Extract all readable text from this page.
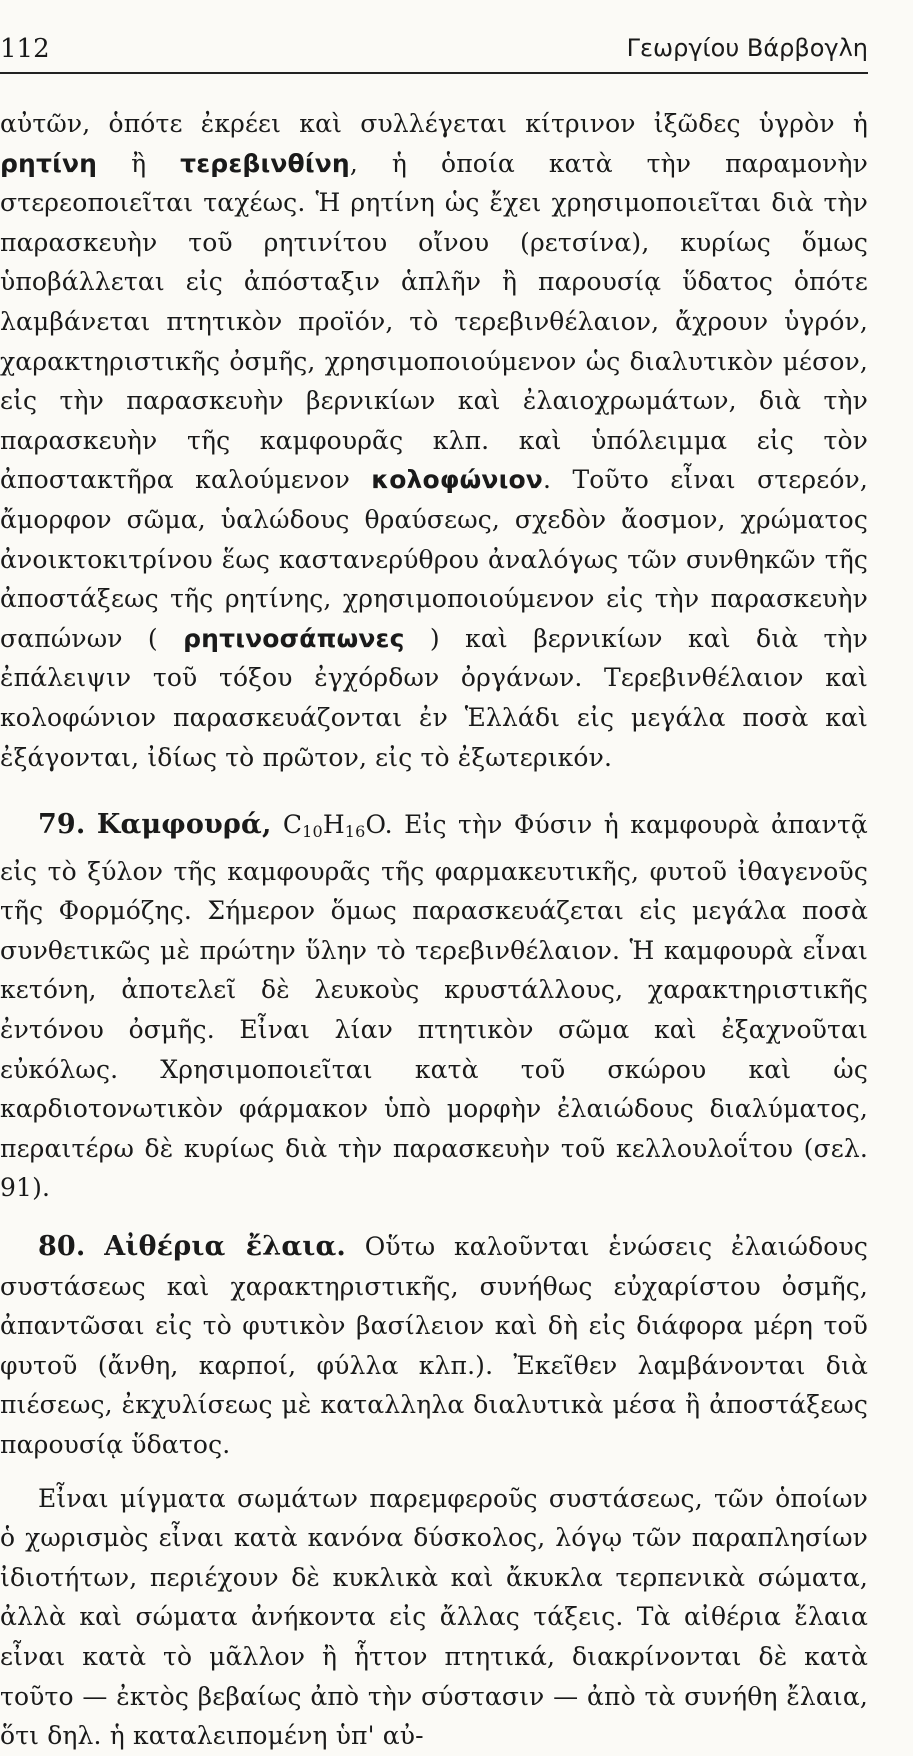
112	Γεωργίου Βάρβογλη

αὐτῶν, ὁπότε ἐκρέει καὶ συλλέγεται κίτρινον ἰξῶδες ὑγρὸν ἡ ρητίνη ἢ τερεβινθίνη, ἡ ὁποία κατὰ τὴν παραμονὴν στερεοποιεῖται ταχέως. Ἡ ρητίνη ὡς ἔχει χρησιμοποιεῖται διὰ τὴν παρασκευὴν τοῦ ρητινίτου οἴνου (ρετσίνα), κυρίως ὅμως ὑποβάλλεται εἰς ἀπόσταξιν ἁπλῆν ἢ παρουσίᾳ ὕδατος ὁπότε λαμβάνεται πτητικὸν προϊόν, τὸ τερεβινθέλαιον, ἄχρουν ὑγρόν, χαρακτηριστικῆς ὀσμῆς, χρησιμοποιούμενον ὡς διαλυτικὸν μέσον, εἰς τὴν παρασκευὴν βερνικίων καὶ ἐλαιοχρωμάτων, διὰ τὴν παρασκευὴν τῆς καμφουρᾶς κλπ. καὶ ὑπόλειμμα εἰς τὸν ἀποστακτῆρα καλούμενον κολοφώνιον. Τοῦτο εἶναι στερεόν, ἄμορφον σῶμα, ὑαλώδους θραύσεως, σχεδὸν ἄοσμον, χρώματος ἀνοικτοκιτρίνου ἕως καστανερύθρου ἀναλόγως τῶν συνθηκῶν τῆς ἀποστάξεως τῆς ρητίνης, χρησιμοποιούμενον εἰς τὴν παρασκευὴν σαπώνων ( ρητινοσάπωνες ) καὶ βερνικίων καὶ διὰ τὴν ἐπάλειψιν τοῦ τόξου ἐγχόρδων ὀργάνων. Τερεβινθέλαιον καὶ κολοφώνιον παρασκευάζονται ἐν Ἑλλάδι εἰς μεγάλα ποσὰ καὶ ἐξάγονται, ἰδίως τὸ πρῶτον, εἰς τὸ ἐξωτερικόν.

79. Καμφουρά, $C_{10}H_{16}O$. Εἰς τὴν Φύσιν ἡ καμφουρὰ ἀπαντᾷ εἰς τὸ ξύλον τῆς καμφουρᾶς τῆς φαρμακευτικῆς, φυτοῦ ἰθαγενοῦς τῆς Φορμόζης. Σήμερον ὅμως παρασκευάζεται εἰς μεγάλα ποσὰ συνθετικῶς μὲ πρώτην ὕλην τὸ τερεβινθέλαιον. Ἡ καμφουρὰ εἶναι κετόνη, ἀποτελεῖ δὲ λευκοὺς κρυστάλλους, χαρακτηριστικῆς ἐντόνου ὀσμῆς. Εἶναι λίαν πτητικὸν σῶμα καὶ ἐξαχνοῦται εὐκόλως. Χρησιμοποιεῖται κατὰ τοῦ σκώρου καὶ ὡς καρδιοτονωτικὸν φάρμακον ὑπὸ μορφὴν ἐλαιώδους διαλύματος, περαιτέρω δὲ κυρίως διὰ τὴν παρασκευὴν τοῦ κελλουλοΐτου (σελ. 91).

80. Αἰθέρια ἔλαια. Οὕτω καλοῦνται ἑνώσεις ἐλαιώδους συστάσεως καὶ χαρακτηριστικῆς, συνήθως εὐχαρίστου ὀσμῆς, ἀπαντῶσαι εἰς τὸ φυτικὸν βασίλειον καὶ δὴ εἰς διάφορα μέρη τοῦ φυτοῦ (ἄνθη, καρποί, φύλλα κλπ.). Ἐκεῖθεν λαμβάνονται διὰ πιέσεως, ἐκχυλίσεως μὲ καταλληλα διαλυτικὰ μέσα ἢ ἀποστάξεως παρουσίᾳ ὕδατος.

Εἶναι μίγματα σωμάτων παρεμφεροῦς συστάσεως, τῶν ὁποίων ὁ χωρισμὸς εἶναι κατὰ κανόνα δύσκολος, λόγῳ τῶν παραπλησίων ἰδιοτήτων, περιέχουν δὲ κυκλικὰ καὶ ἄκυκλα τερπενικὰ σώματα, ἀλλὰ καὶ σώματα ἀνήκοντα εἰς ἄλλας τάξεις. Τὰ αἰθέρια ἔλαια εἶναι κατὰ τὸ μᾶλλον ἢ ἧττον πτητικά, διακρίνονται δὲ κατὰ τοῦτο — ἐκτὸς βεβαίως ἀπὸ τὴν σύστασιν — ἀπὸ τὰ συνήθη ἔλαια, ὅτι δηλ. ἡ καταλειπομένη ὑπ' αὐ-
